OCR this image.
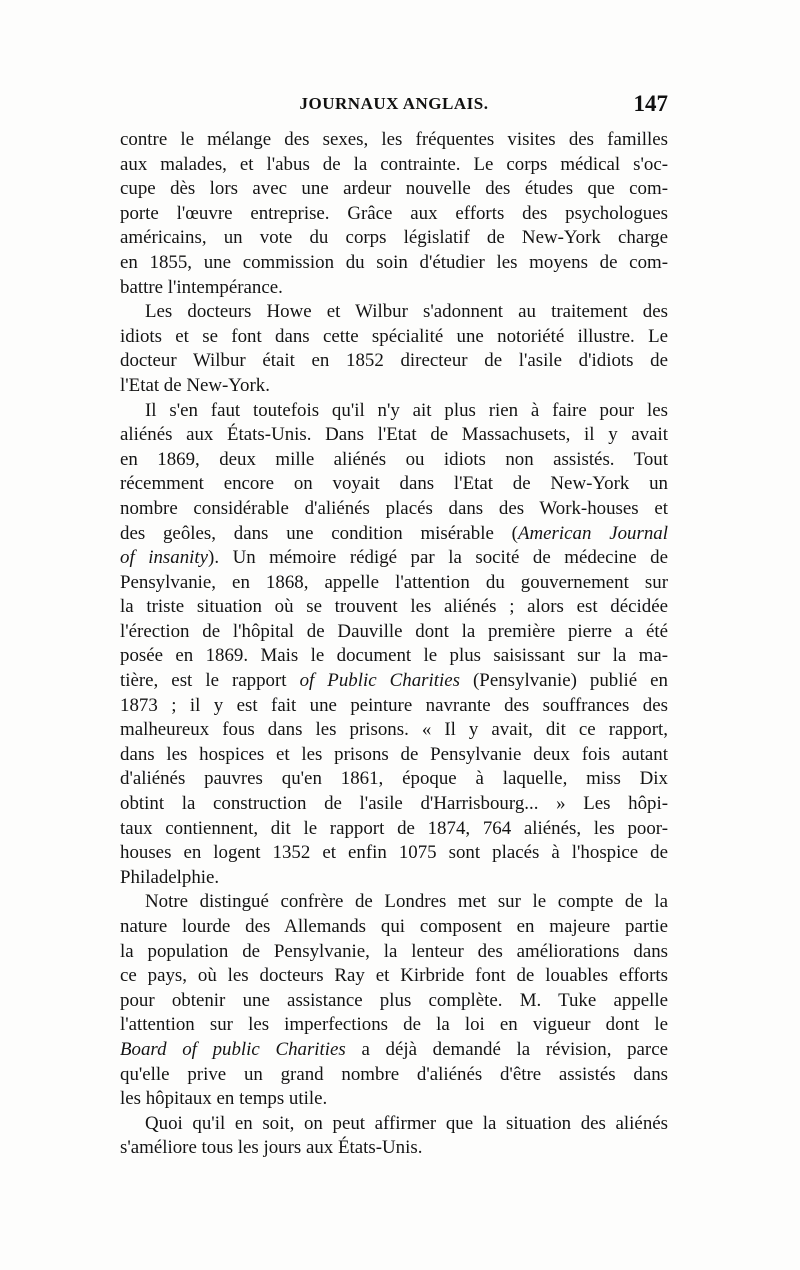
JOURNAUX ANGLAIS.	147
contre le mélange des sexes, les fréquentes visites des familles
aux malades, et l'abus de la contrainte. Le corps médical s'oc-
cupe dès lors avec une ardeur nouvelle des études que com-
porte l'œuvre entreprise. Grâce aux efforts des psychologues
américains, un vote du corps législatif de New-York charge
en 1855, une commission du soin d'étudier les moyens de com-
battre l'intempérance.
Les docteurs Howe et Wilbur s'adonnent au traitement des
idiots et se font dans cette spécialité une notoriété illustre. Le
docteur Wilbur était en 1852 directeur de l'asile d'idiots de
l'Etat de New-York.
Il s'en faut toutefois qu'il n'y ait plus rien à faire pour les
aliénés aux États-Unis. Dans l'Etat de Massachusets, il y avait
en 1869, deux mille aliénés ou idiots non assistés. Tout
récemment encore on voyait dans l'Etat de New-York un
nombre considérable d'aliénés placés dans des Work-houses et
des geôles, dans une condition misérable (American Journal
of insanity). Un mémoire rédigé par la socité de médecine de
Pensylvanie, en 1868, appelle l'attention du gouvernement sur
la triste situation où se trouvent les aliénés ; alors est décidée
l'érection de l'hôpital de Dauville dont la première pierre a été
posée en 1869. Mais le document le plus saisissant sur la ma-
tière, est le rapport of Public Charities (Pensylvanie) publié en
1873 ; il y est fait une peinture navrante des souffrances des
malheureux fous dans les prisons. « Il y avait, dit ce rapport,
dans les hospices et les prisons de Pensylvanie deux fois autant
d'aliénés pauvres qu'en 1861, époque à laquelle, miss Dix
obtint la construction de l'asile d'Harrisbourg... » Les hôpi-
taux contiennent, dit le rapport de 1874, 764 aliénés, les poor-
houses en logent 1352 et enfin 1075 sont placés à l'hospice de
Philadelphie.
Notre distingué confrère de Londres met sur le compte de la
nature lourde des Allemands qui composent en majeure partie
la population de Pensylvanie, la lenteur des améliorations dans
ce pays, où les docteurs Ray et Kirbride font de louables efforts
pour obtenir une assistance plus complète. M. Tuke appelle
l'attention sur les imperfections de la loi en vigueur dont le
Board of public Charities a déjà demandé la révision, parce
qu'elle prive un grand nombre d'aliénés d'être assistés dans
les hôpitaux en temps utile.
Quoi qu'il en soit, on peut affirmer que la situation des aliénés
s'améliore tous les jours aux États-Unis.
